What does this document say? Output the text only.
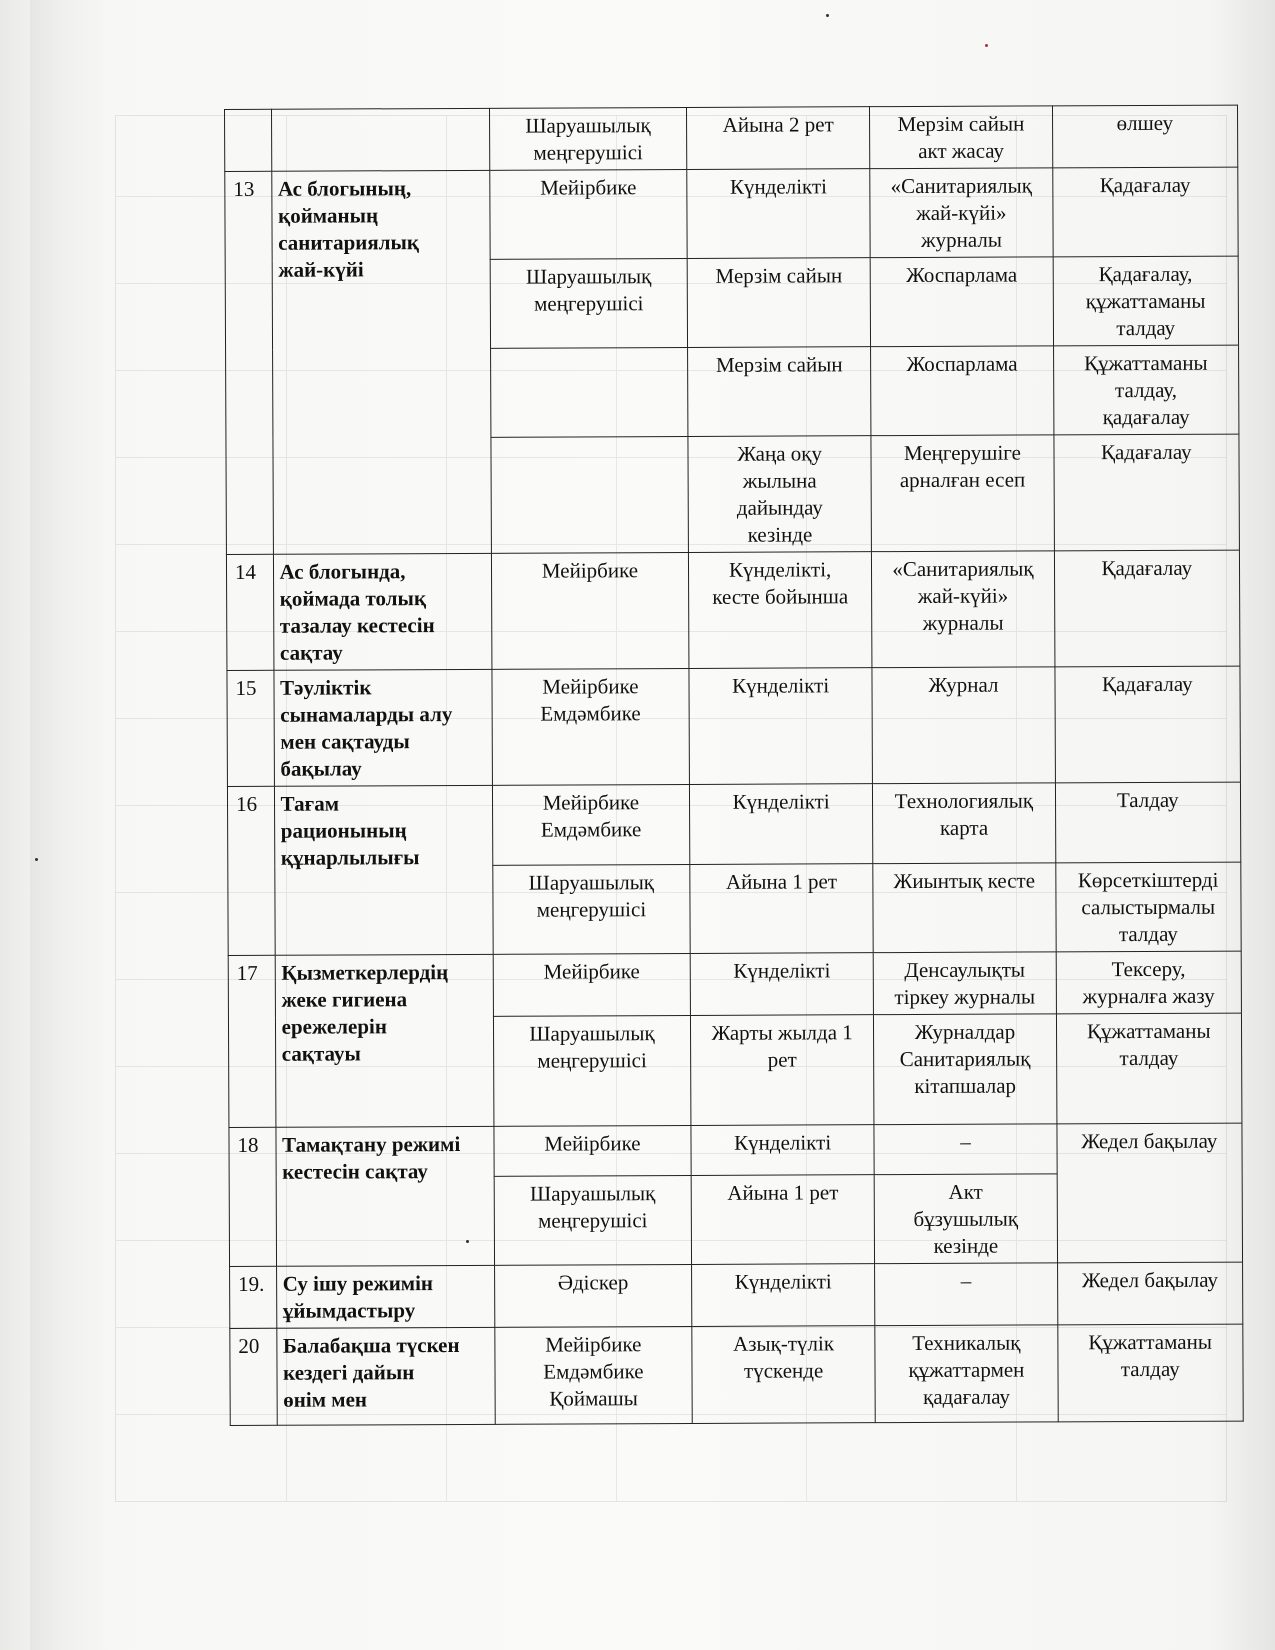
		Шаруашылық
меңгерушісі	Айына 2 рет	Мерзім сайын
акт жасау	өлшеу
13	Ас блогының,
қойманың
санитариялық
жай-күйі	Мейірбике	Күнделікті	«Санитариялық
жай-күйі»
журналы	Қадағалау
		Шаруашылық
меңгерушісі	Мерзім сайын	Жоспарлама	Қадағалау,
құжаттаманы
талдау
			Мерзім сайын	Жоспарлама	Құжаттаманы
талдау,
қадағалау
			Жаңа оқу
жылына
дайындау
кезінде	Меңгерушіге
арналған есеп	Қадағалау
14	Ас блогында,
қоймада толық
тазалау кестесін
сақтау	Мейірбике	Күнделікті,
кесте бойынша	«Санитариялық
жай-күйі»
журналы	Қадағалау
15	Тәуліктік
сынамаларды алу
мен сақтауды
бақылау	Мейірбике
Емдәмбике	Күнделікті	Журнал	Қадағалау
16	Тағам
рационының
құнарлылығы	Мейірбике
Емдәмбике	Күнделікті	Технологиялық
карта	Талдау
		Шаруашылық
меңгерушісі	Айына 1 рет	Жиынтық кесте	Көрсеткіштерді
салыстырмалы
талдау
17	Қызметкерлердің
жеке гигиена
ережелерін
сақтауы	Мейірбике	Күнделікті	Денсаулықты
тіркеу журналы	Тексеру,
журналға жазу
		Шаруашылық
меңгерушісі	Жарты жылда 1
рет	Журналдар
Санитариялық
кітапшалар	Құжаттаманы
талдау
18	Тамақтану режимі
кестесін сақтау	Мейірбике	Күнделікті	–	Жедел бақылау
		Шаруашылық
меңгерушісі	Айына 1 рет	Акт
бұзушылық
кезінде	
19.	Су ішу режимін
ұйымдастыру	Әдіскер	Күнделікті	–	Жедел бақылау
20	Балабақша түскен
кездегі дайын
өнім мен	Мейірбике
Емдәмбике
Қоймашы	Азық-түлік
түскенде	Техникалық
құжаттармен
қадағалау	Құжаттаманы
талдау
